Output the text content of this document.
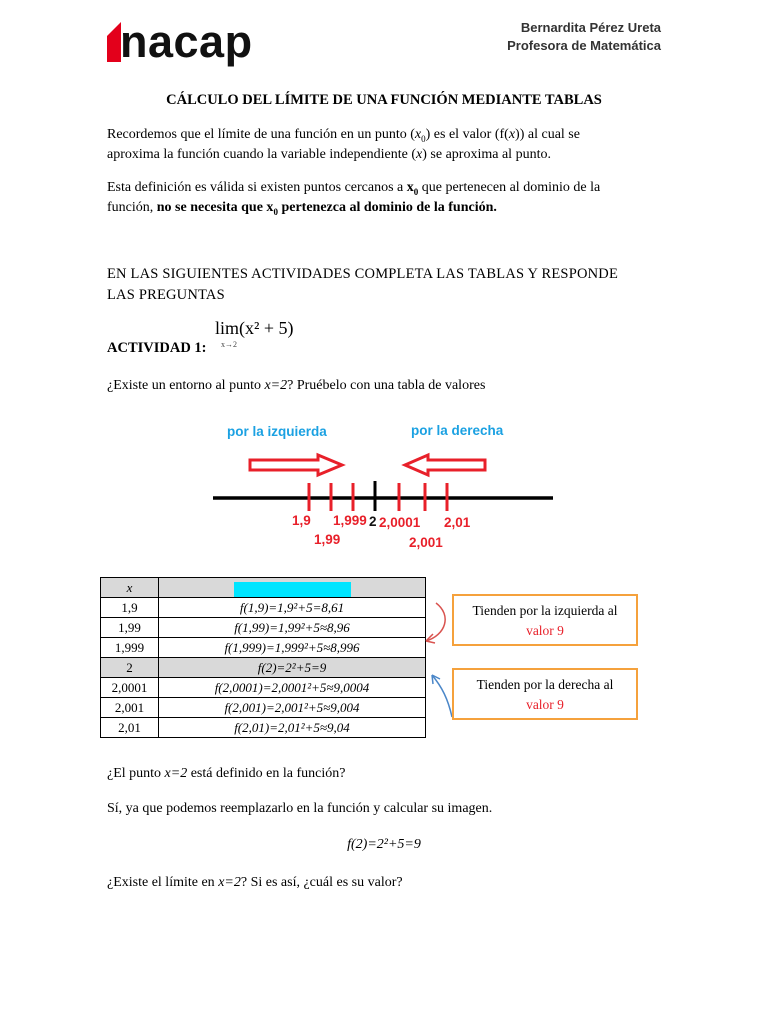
nacap	Bernardita Pérez Ureta
Profesora de Matemática
CÁLCULO DEL LÍMITE DE UNA FUNCIÓN MEDIANTE TABLAS
Recordemos que el límite de una función en un punto $(x_0)$ es el valor (f(x)) al cual se
aproxima la función cuando la variable independiente (x) se aproxima al punto.
Esta definición es válida si existen puntos cercanos a $x_0$ que pertenecen al dominio de la
función, no se necesita que $x_0$ pertenezca al dominio de la función.
EN LAS SIGUIENTES ACTIVIDADES COMPLETA LAS TABLAS Y RESPONDE
LAS PREGUNTAS
lim(x² + 5)
x→2
ACTIVIDAD 1:
¿Existe un entorno al punto x=2? Pruébelo con una tabla de valores
por la izquierda	por la derecha
1,9
1,99
1,999 2 2,0001
2,001
2,01
x	
1,9	f(1,9)=1,9²+5=8,61
1,99	f(1,99)=1,99²+5≈8,96
1,999	f(1,999)=1,999²+5≈8,996
2	f(2)=2²+5=9
2,0001	f(2,0001)=2,0001²+5≈9,0004
2,001	f(2,001)=2,001²+5≈9,004
2,01	f(2,01)=2,01²+5≈9,04
Tienden por la izquierda al
valor 9
Tienden por la derecha al
valor 9
¿El punto x=2 está definido en la función?
Sí, ya que podemos reemplazarlo en la función y calcular su imagen.
f(2)=2²+5=9
¿Existe el límite en x=2? Si es así, ¿cuál es su valor?
